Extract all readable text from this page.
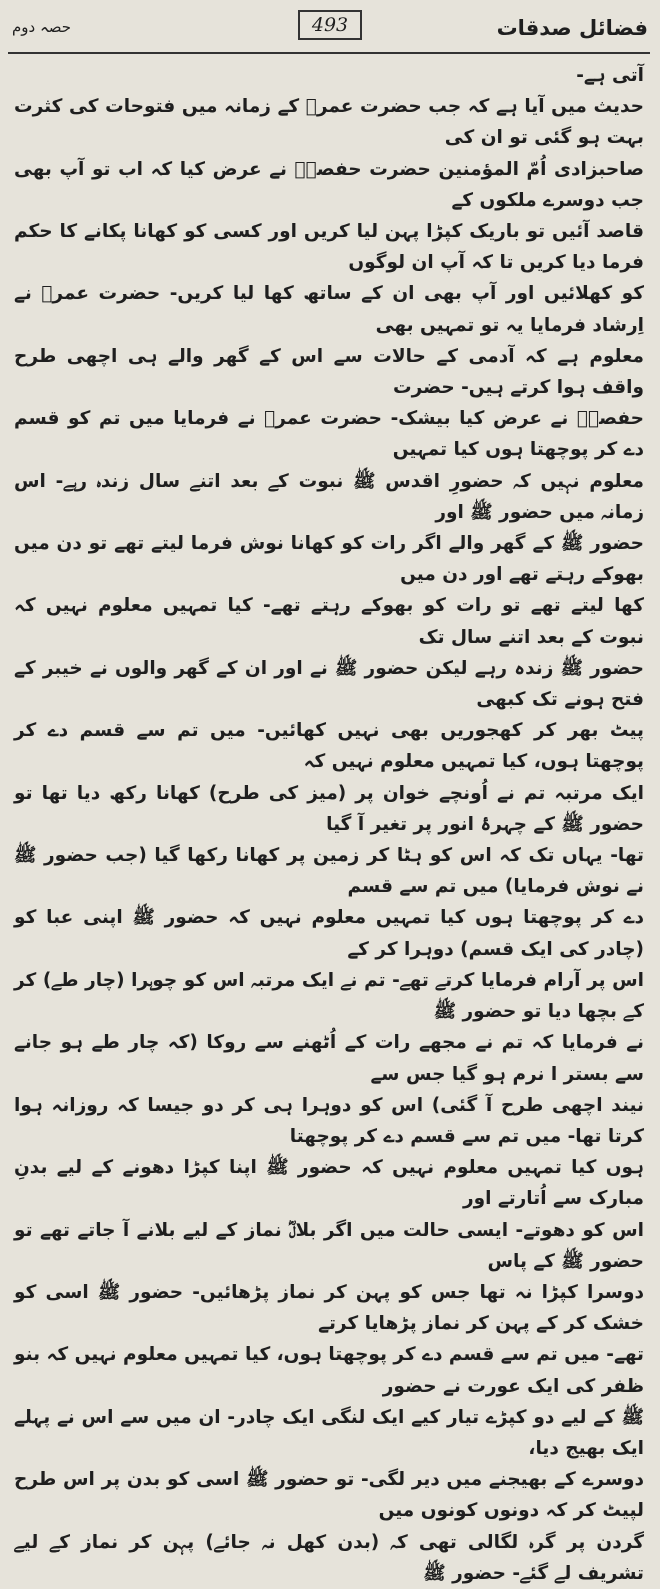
فضائل صدقات
493
حصہ دوم

آتی ہے-

حدیث میں آیا ہے کہ جب حضرت عمرؓ کے زمانہ میں فتوحات کی کثرت بہت ہو گئی تو ان کی

صاحبزادی اُمّ المؤمنین حضرت حفصہؓ نے عرض کیا کہ اب تو آپ بھی جب دوسرے ملکوں کے

قاصد آئیں تو باریک کپڑا پہن لیا کریں اور کسی کو کھانا پکانے کا حکم فرما دیا کریں تا کہ آپ ان لوگوں

کو کھلائیں اور آپ بھی ان کے ساتھ کھا لیا کریں- حضرت عمرؓ نے اِرشاد فرمایا یہ تو تمہیں بھی

معلوم ہے کہ آدمی کے حالات سے اس کے گھر والے ہی اچھی طرح واقف ہوا کرتے ہیں- حضرت

حفصہؓ نے عرض کیا بیشک- حضرت عمرؓ نے فرمایا میں تم کو قسم دے کر پوچھتا ہوں کیا تمہیں

معلوم نہیں کہ حضورِ اقدس ﷺ نبوت کے بعد اتنے سال زندہ رہے- اس زمانہ میں حضور ﷺ اور

حضور ﷺ کے گھر والے اگر رات کو کھانا نوش فرما لیتے تھے تو دن میں بھوکے رہتے تھے اور دن میں

کھا لیتے تھے تو رات کو بھوکے رہتے تھے- کیا تمہیں معلوم نہیں کہ نبوت کے بعد اتنے سال تک

حضور ﷺ زندہ رہے لیکن حضور ﷺ نے اور ان کے گھر والوں نے خیبر کے فتح ہونے تک کبھی

پیٹ بھر کر کھجوریں بھی نہیں کھائیں- میں تم سے قسم دے کر پوچھتا ہوں، کیا تمہیں معلوم نہیں کہ

ایک مرتبہ تم نے اُونچے خوان پر (میز کی طرح) کھانا رکھ دیا تھا تو حضور ﷺ کے چہرۂ انور پر تغیر آ گیا

تھا- یہاں تک کہ اس کو ہٹا کر زمین پر کھانا رکھا گیا (جب حضور ﷺ نے نوش فرمایا) میں تم سے قسم

دے کر پوچھتا ہوں کیا تمہیں معلوم نہیں کہ حضور ﷺ اپنی عبا کو (چادر کی ایک قسم) دوہرا کر کے

اس پر آرام فرمایا کرتے تھے- تم نے ایک مرتبہ اس کو چوہرا (چار طے) کر کے بچھا دیا تو حضور ﷺ

نے فرمایا کہ تم نے مجھے رات کے اُٹھنے سے روکا (کہ چار طے ہو جانے سے بستر ا نرم ہو گیا جس سے

نیند اچھی طرح آ گئی) اس کو دوہرا ہی کر دو جیسا کہ روزانہ ہوا کرتا تھا- میں تم سے قسم دے کر پوچھتا

ہوں کیا تمہیں معلوم نہیں کہ حضور ﷺ اپنا کپڑا دھونے کے لیے بدنِ مبارک سے اُتارتے اور

اس کو دھوتے- ایسی حالت میں اگر بلالؓ نماز کے لیے بلانے آ جاتے تھے تو حضور ﷺ کے پاس

دوسرا کپڑا نہ تھا جس کو پہن کر نماز پڑھائیں- حضور ﷺ اسی کو خشک کر کے پہن کر نماز پڑھایا کرتے

تھے- میں تم سے قسم دے کر پوچھتا ہوں، کیا تمہیں معلوم نہیں کہ بنو ظفر کی ایک عورت نے حضور

ﷺ کے لیے دو کپڑے تیار کیے ایک لنگی ایک چادر- ان میں سے اس نے پہلے ایک بھیج دیا،

دوسرے کے بھیجنے میں دیر لگی- تو حضور ﷺ اسی کو بدن پر اس طرح لپیٹ کر کہ دونوں کونوں میں

گردن پر گرہ لگالی تھی کہ (بدن کھل نہ جائے) پہن کر نماز کے لیے تشریف لے گئے- حضور ﷺ
